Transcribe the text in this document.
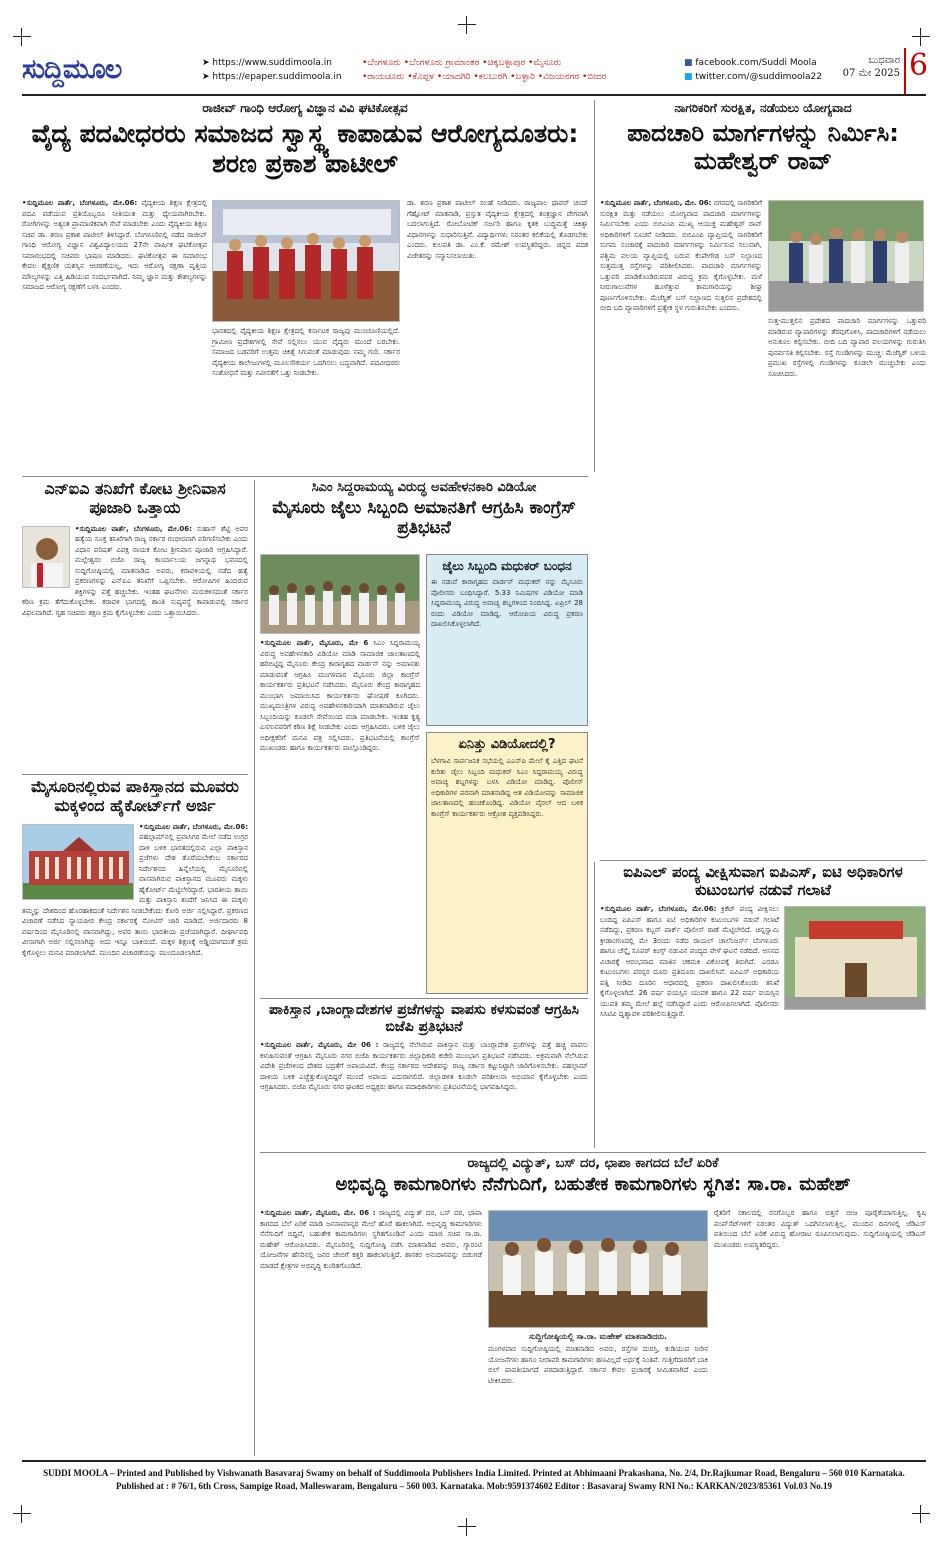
ಸುದ್ದಿಮೂಲ	➤ https://www.suddimoola.in
➤ https://epaper.suddimoola.in
•ಬೆಂಗಳೂರು •ಬೆಂಗಳೂರು ಗ್ರಾಮಾಂತರ •ಚಿಕ್ಕಬಳ್ಳಾಪುರ •ಮೈಸೂರು
•ರಾಯಚೂರು •ಕೊಪ್ಪಳ •ಯಾದಗಿರಿ •ಕಲಬುರಗಿ •ಬಳ್ಳಾರಿ •ವಿಜಯನಗರ •ಬೀದರ
■ facebook.com/Suddi Moola
■ twitter.com/@suddimoola22
ಬುಧವಾರ
07 ಮೇ 2025 6
ರಾಜೀವ್ ಗಾಂಧಿ ಆರೋಗ್ಯ ವಿಜ್ಞಾನ ವಿವಿ ಘಟಿಕೋತ್ಸವ
ವೈದ್ಯ ಪದವೀಧರರು ಸಮಾಜದ ಸ್ವಾಸ್ಥ್ಯ ಕಾಪಾಡುವ ಆರೋಗ್ಯದೂತರು: ಶರಣ ಪ್ರಕಾಶ ಪಾಟೀಲ್
•ಸುದ್ದಿಮೂಲ ವಾರ್ತೆ, ಬೆಂಗಳೂರು, ಮೇ.06: ವೈದ್ಯಕೀಯ ಶಿಕ್ಷಣ ಕ್ಷೇತ್ರದಲ್ಲಿ ಪದವಿ ಪಡೆಯುವ ಪ್ರತಿಯೊಬ್ಬರೂ ನೀತಿಯುತ ಮತ್ತು ಧ್ಯೇಯವಾಗಿರಬೇಕು. ರೋಗಿಗಳನ್ನು ಅತ್ಯಂತ ಪ್ರಾಮಾಣಿಕವಾಗಿ ಸೇವೆ ಮಾಡಬೇಕು ಎಂದು ವೈದ್ಯಕೀಯ ಶಿಕ್ಷಣ ಸಚಿವ ಡಾ. ಶರಣ ಪ್ರಕಾಶ ಪಾಟೀಲ್ ತಿಳಿಸಿದ್ದಾರೆ. ಬೆಂಗಳೂರಿನಲ್ಲಿ ನಡೆದ ರಾಜೀವ್ ಗಾಂಧಿ ಆರೋಗ್ಯ ವಿಜ್ಞಾನ ವಿಶ್ವವಿದ್ಯಾಲಯದ 27ನೇ ವಾರ್ಷಿಕ ಘಟಿಕೋತ್ಸವ ಸಮಾರಂಭದಲ್ಲಿ ಸಚಿವರು ಭಾಷಣ ಮಾಡಿದರು. ಘಟಿಕೋತ್ಸವ ಈ ಸಮಾರಂಭ ಕೇವಲ ಶೈಕ್ಷಣಿಕ ಯಶಸ್ಸಿನ ಆಚರಣೆಯಲ್ಲ, ಇದು ಆರೋಗ್ಯ ರಕ್ಷಣಾ ವೃತ್ತಿಯ ಮೌಲ್ಯಗಳನ್ನು ಎತ್ತಿ ಹಿಡಿಯುವ ಸಂದರ್ಭವಾಗಿದೆ. ನಿಮ್ಮ ಜ್ಞಾನ ಮತ್ತು ಕೌಶಲ್ಯಗಳನ್ನು ಸಮಾಜದ ಆರೋಗ್ಯ ರಕ್ಷಣೆಗೆ ಬಳಸಿ ಎಂದರು.
ಭಾರತದಲ್ಲಿ ವೈದ್ಯಕೀಯ ಶಿಕ್ಷಣ ಕ್ಷೇತ್ರದಲ್ಲಿ ಕರ್ನಾಟಕ ರಾಜ್ಯವು ಮುಂಚೂಣಿಯಲ್ಲಿದೆ. ಗ್ರಾಮೀಣ ಪ್ರದೇಶಗಳಲ್ಲಿ ಸೇವೆ ಸಲ್ಲಿಸಲು ಯುವ ವೈದ್ಯರು ಮುಂದೆ ಬರಬೇಕು. ಸಮಾಜದ ಬಡವರಿಗೆ ಉತ್ತಮ ಚಿಕಿತ್ಸೆ ಸಿಗುವಂತೆ ಮಾಡುವುದು ನಮ್ಮ ಗುರಿ. ಸರ್ಕಾರ ವೈದ್ಯಕೀಯ ಕಾಲೇಜುಗಳಲ್ಲಿ ಮೂಲಸೌಕರ್ಯ ಒದಗಿಸಲು ಬದ್ಧವಾಗಿದೆ. ಪದವೀಧರರು ಸಂಶೋಧನೆ ಮತ್ತು ನವೀನತೆಗೆ ಒತ್ತು ನೀಡಬೇಕು.
ಡಾ. ಶರಣ ಪ್ರಕಾಶ ಪಾಟೀಲ್ ಸಲಹೆ ನೀಡಿದರು. ರಾಜ್ಯಪಾಲ ಥಾವರ್ ಚಂದ್ ಗೆಹ್ಲೋಟ್ ಮಾತನಾಡಿ, ಪ್ರಸ್ತುತ ವೈದ್ಯಕೀಯ ಕ್ಷೇತ್ರದಲ್ಲಿ ತಂತ್ರಜ್ಞಾನ ವೇಗವಾಗಿ ಬದಲಾಗುತ್ತಿದೆ. ರೋಬೋಟಿಕ್ ಸರ್ಜರಿ ಹಾಗೂ ಕೃತಕ ಬುದ್ಧಿಮತ್ತೆ ಚಿಕಿತ್ಸಾ ವಿಧಾನಗಳನ್ನು ಸುಧಾರಿಸುತ್ತಿವೆ. ವಿದ್ಯಾರ್ಥಿಗಳು ನಿರಂತರ ಕಲಿಕೆಯಲ್ಲಿ ತೊಡಗಬೇಕು ಎಂದರು. ಕುಲಪತಿ ಡಾ. ಎಂ.ಕೆ. ರಮೇಶ್ ಉಪಸ್ಥಿತರಿದ್ದರು. ಚಿನ್ನದ ಪದಕ ವಿಜೇತರನ್ನು ಸನ್ಮಾನಿಸಲಾಯಿತು.
ನಾಗರಿಕರಿಗೆ ಸುರಕ್ಷಿತ, ನಡೆಯಲು ಯೋಗ್ಯವಾದ
ಪಾದಚಾರಿ ಮಾರ್ಗಗಳನ್ನು ನಿರ್ಮಿಸಿ: ಮಹೇಶ್ವರ್ ರಾವ್
•ಸುದ್ದಿಮೂಲ ವಾರ್ತೆ, ಬೆಂಗಳೂರು, ಮೇ. 06: ನಗರದಲ್ಲಿ ನಾಗರಿಕರಿಗೆ ಸುರಕ್ಷಿತ ಮತ್ತು ನಡೆಯಲು ಯೋಗ್ಯವಾದ ಪಾದಚಾರಿ ಮಾರ್ಗಗಳನ್ನು ನಿರ್ಮಿಸಬೇಕು ಎಂದು ಬಿಬಿಎಂಪಿ ಮುಖ್ಯ ಆಯುಕ್ತ ಮಹೇಶ್ವರ್ ರಾವ್ ಅಧಿಕಾರಿಗಳಿಗೆ ಸೂಚನೆ ನೀಡಿದರು. ಬಿಬಿಎಂಪಿ ವ್ಯಾಪ್ತಿಯಲ್ಲಿ ನಾಗರಿಕರಿಗೆ ಸುಗಮ ಸಂಚಾರಕ್ಕೆ ಪಾದಚಾರಿ ಮಾರ್ಗಗಳನ್ನು ನಿರ್ಮಿಸುವ ಸಲುವಾಗಿ, ಪಶ್ಚಿಮ ವಲಯ ವ್ಯಾಪ್ತಿಯಲ್ಲಿ ಬರುವ ಕೆಂಪೇಗೌಡ ಬಸ್ ನಿಲ್ದಾಣದ ಸುತ್ತಮುತ್ತ ರಸ್ತೆಗಳನ್ನು ಪರಿಶೀಲಿಸಿದರು. ಪಾದಚಾರಿ ಮಾರ್ಗಗಳನ್ನು ಒತ್ತುವರಿ ಮಾಡಿಕೊಂಡಿರುವವರ ವಿರುದ್ಧ ಕ್ರಮ ಕೈಗೊಳ್ಳಬೇಕು. ಮಳೆ ನೀರುಗಾಲುವೆಗಳ ಹೂಳೆತ್ತುವ ಕಾಮಗಾರಿಯನ್ನು ಶೀಘ್ರ ಪೂರ್ಣಗೊಳಿಸಬೇಕು. ಮೆಜೆಸ್ಟಿಕ್ ಬಸ್ ನಿಲ್ದಾಣದ ಸುತ್ತಲಿನ ಪ್ರದೇಶದಲ್ಲಿ ಬೀದಿ ಬದಿ ವ್ಯಾಪಾರಿಗಳಿಗೆ ಪ್ರತ್ಯೇಕ ಸ್ಥಳ ಗುರುತಿಸಬೇಕು ಎಂದರು.
ಸುತ್ತ-ಮುತ್ತಲಿನ ಪ್ರದೇಶದ ಪಾದಚಾರಿ ಮಾರ್ಗಗಳನ್ನು ಒತ್ತುವರಿ ಮಾಡಿರುವ ವ್ಯಾಪಾರಿಗಳನ್ನು ತೆರವುಗೊಳಿಸಿ, ಪಾದಚಾರಿಗಳಿಗೆ ನಡೆಯಲು ಅನುಕೂಲ ಕಲ್ಪಿಸಬೇಕು. ಬೀದಿ ಬದಿ ವ್ಯಾಪಾರ ವಲಯಗಳನ್ನು ಗುರುತಿಸಿ ಪುನರ್ವಸತಿ ಕಲ್ಪಿಸಬೇಕು. ರಸ್ತೆ ಗುಂಡಿಗಳನ್ನು ಮುಚ್ಚಿ: ಮೆಜೆಸ್ಟಿಕ್ ಬಳಿಯ ಪ್ರಮುಖ ರಸ್ತೆಗಳಲ್ಲಿ ಗುಂಡಿಗಳನ್ನು ಕೂಡಲೇ ಮುಚ್ಚಬೇಕು ಎಂದು ಸೂಚಿಸಿದರು.
ಎನ್‌ಐಎ ತನಿಖೆಗೆ ಕೋಟ ಶ್ರೀನಿವಾಸ ಪೂಜಾರಿ ಒತ್ತಾಯ
•ಸುದ್ದಿಮೂಲ ವಾರ್ತೆ, ಬೆಂಗಳೂರು, ಮೇ.06: ಸುಹಾಸ್ ಶೆಟ್ಟಿ ಅವರ ಹತ್ಯೆಯ ಸೂಕ್ತ ತನಿಖೆಗಾಗಿ ರಾಜ್ಯ ಸರ್ಕಾರ ಗಂಭೀರವಾಗಿ ಪರಿಗಣಿಸಬೇಕು ಎಂದು ವಿಧಾನ ಪರಿಷತ್ ವಿಪಕ್ಷ ನಾಯಕ ಕೋಟ ಶ್ರೀನಿವಾಸ ಪೂಜಾರಿ ಆಗ್ರಹಿಸಿದ್ದಾರೆ. ಮಲ್ಲೇಶ್ವರಂ ಬಿಜೆಪಿ ರಾಜ್ಯ ಕಾರ್ಯಾಲಯ ಜಗನ್ನಾಥ ಭವನದಲ್ಲಿ ಸುದ್ದಿಗೋಷ್ಠಿಯಲ್ಲಿ ಮಾತನಾಡಿದ ಅವರು, ಕರಾವಳಿಯಲ್ಲಿ ನಡೆದ ಹತ್ಯೆ ಪ್ರಕರಣಗಳನ್ನು ಎನ್‌ಐಎ ತನಿಖೆಗೆ ಒಪ್ಪಿಸಬೇಕು. ಆರೋಪಿಗಳ ಹಿಂದಿರುವ ಶಕ್ತಿಗಳನ್ನು ಪತ್ತೆ ಹಚ್ಚಬೇಕು. ಇಂತಹ ಘಟನೆಗಳು ಮರುಕಳಿಸದಂತೆ ಸರ್ಕಾರ ಕಠಿಣ ಕ್ರಮ ತೆಗೆದುಕೊಳ್ಳಬೇಕು. ಕರಾವಳಿ ಭಾಗದಲ್ಲಿ ಶಾಂತಿ ಸುವ್ಯವಸ್ಥೆ ಕಾಪಾಡುವಲ್ಲಿ ಸರ್ಕಾರ ವಿಫಲವಾಗಿದೆ. ಗೃಹ ಸಚಿವರು ತಕ್ಷಣ ಕ್ರಮ ಕೈಗೊಳ್ಳಬೇಕು ಎಂದು ಒತ್ತಾಯಿಸಿದರು.
ಮೈಸೂರಿನಲ್ಲಿರುವ ಪಾಕಿಸ್ತಾನದ ಮೂವರು ಮಕ್ಕಳಿಂದ ಹೈಕೋರ್ಟ್‌ಗೆ ಅರ್ಜಿ
•ಸುದ್ದಿಮೂಲ ವಾರ್ತೆ, ಬೆಂಗಳೂರು, ಮೇ.06:
ಪಹಲ್ಗಾಮ್‌ನಲ್ಲಿ ಪ್ರವಾಸಿಗರ ಮೇಲೆ ನಡೆದ ಉಗ್ರರ ದಾಳಿ ಬಳಿಕ ಭಾರತದಲ್ಲಿರುವ ಎಲ್ಲಾ ಪಾಕಿಸ್ತಾನ ಪ್ರಜೆಗಳು ದೇಶ ತೊರೆಯಬೇಕೆಂಬ ಸರ್ಕಾರದ ನಿರ್ದೇಶನದ ಹಿನ್ನೆಲೆಯಲ್ಲಿ ಮೈಸೂರಿನಲ್ಲಿ ವಾಸವಾಗಿರುವ ಪಾಕಿಸ್ತಾನದ ಮೂವರು ಮಕ್ಕಳು ಹೈಕೋರ್ಟ್ ಮೆಟ್ಟಿಲೇರಿದ್ದಾರೆ. ಭಾರತೀಯ ತಾಯಿ ಮತ್ತು ಪಾಕಿಸ್ತಾನಿ ತಂದೆಗೆ ಜನಿಸಿದ ಈ ಮಕ್ಕಳು ತಮ್ಮನ್ನು ದೇಶದಿಂದ ಹೊರಹಾಕದಂತೆ ನಿರ್ದೇಶನ ನೀಡಬೇಕೆಂದು ಕೋರಿ ಅರ್ಜಿ ಸಲ್ಲಿಸಿದ್ದಾರೆ. ಪ್ರಕರಣದ ವಿಚಾರಣೆ ನಡೆಸಿದ ನ್ಯಾಯಪೀಠ ಕೇಂದ್ರ ಸರ್ಕಾರಕ್ಕೆ ನೋಟಿಸ್ ಜಾರಿ ಮಾಡಿದೆ. ಅರ್ಜಿದಾರರು 8 ವರ್ಷದಿಂದ ಮೈಸೂರಿನಲ್ಲಿ ವಾಸವಾಗಿದ್ದು, ಅವರ ತಾಯಿ ಭಾರತೀಯ ಪ್ರಜೆಯಾಗಿದ್ದಾರೆ. ದೀರ್ಘಾವಧಿ ವೀಸಾಗಾಗಿ ಅರ್ಜಿ ಸಲ್ಲಿಸಲಾಗಿದ್ದು ಅದು ಇನ್ನೂ ಬಾಕಿಯಿದೆ. ಮಕ್ಕಳ ಶಿಕ್ಷಣಕ್ಕೆ ಅಡ್ಡಿಯಾಗದಂತೆ ಕ್ರಮ ಕೈಗೊಳ್ಳಲು ಮನವಿ ಮಾಡಲಾಗಿದೆ. ಮುಂದಿನ ವಿಚಾರಣೆಯನ್ನು ಮುಂದೂಡಲಾಗಿದೆ.
ಸಿಎಂ ಸಿದ್ದರಾಮಯ್ಯ ವಿರುದ್ಧ ಅವಹೇಳನಕಾರಿ ವಿಡಿಯೋ
ಮೈಸೂರು ಜೈಲು ಸಿಬ್ಬಂದಿ ಅಮಾನತಿಗೆ ಆಗ್ರಹಿಸಿ ಕಾಂಗ್ರೆಸ್ ಪ್ರತಿಭಟನೆ
•ಸುದ್ದಿಮೂಲ ವಾರ್ತೆ, ಮೈಸೂರು, ಮೇ 6 ಸಿಎಂ ಸಿದ್ದರಾಮಯ್ಯ ವಿರುದ್ಧ ಅವಹೇಳನಕಾರಿ ವಿಡಿಯೋ ಮಾಡಿ ಸಾಮಾಜಿಕ ಜಾಲತಾಣದಲ್ಲಿ ಹರಿಬಿಟ್ಟಿದ್ದ ಮೈಸೂರು ಕೇಂದ್ರ ಕಾರಾಗೃಹದ ವಾರ್ಡನ್ ನನ್ನು ಅಮಾನತು ಮಾಡುವಂತೆ ಆಗ್ರಹಿಸಿ ಮಂಗಳವಾರ ಮೈಸೂರು ಜಿಲ್ಲಾ ಕಾಂಗ್ರೆಸ್ ಕಾರ್ಯಕರ್ತರು ಪ್ರತಿಭಟನೆ ನಡೆಸಿದರು. ಮೈಸೂರು ಕೇಂದ್ರ ಕಾರಾಗೃಹದ ಮುಂಭಾಗ ಜಮಾಯಿಸಿದ ಕಾರ್ಯಕರ್ತರು ಘೋಷಣೆ ಕೂಗಿದರು. ಮುಖ್ಯಮಂತ್ರಿಗಳ ವಿರುದ್ಧ ಅವಹೇಳನಕಾರಿಯಾಗಿ ಮಾತನಾಡಿರುವ ಜೈಲು ಸಿಬ್ಬಂದಿಯನ್ನು ಕೂಡಲೇ ಸೇವೆಯಿಂದ ವಜಾ ಮಾಡಬೇಕು. ಇಂತಹ ಕೃತ್ಯ ಎಸಗುವವರಿಗೆ ಕಠಿಣ ಶಿಕ್ಷೆ ನೀಡಬೇಕು ಎಂದು ಆಗ್ರಹಿಸಿದರು. ಬಳಿಕ ಜೈಲು ಅಧೀಕ್ಷಕರಿಗೆ ಮನವಿ ಪತ್ರ ಸಲ್ಲಿಸಿದರು. ಪ್ರತಿಭಟನೆಯಲ್ಲಿ ಕಾಂಗ್ರೆಸ್ ಮುಖಂಡರು ಹಾಗೂ ಕಾರ್ಯಕರ್ತರು ಪಾಲ್ಗೊಂಡಿದ್ದರು.
ಜೈಲು ಸಿಬ್ಬಂದಿ ಮಧುಕರ್ ಬಂಧನ
ಈ ನಡುವೆ ಕಾರಾಗೃಹದ ವಾರ್ಡನ್ ಮಧುಕರ್ ನನ್ನು ಮೈಸೂರು ಪೊಲೀಸರು ಬಂಧಿಸಿದ್ದಾರೆ. 5.33 ನಿಮಿಷಗಳ ವಿಡಿಯೋ ಮಾಡಿ ಸಿದ್ದರಾಮಯ್ಯ ವಿರುದ್ಧ ಅವಾಚ್ಯ ಶಬ್ದಗಳಿಂದ ನಿಂದಿಸಿದ್ದ. ಏಪ್ರಿಲ್ 28 ರಂದು ವಿಡಿಯೋ ಮಾಡಿದ್ದ. ಆರೋಪಿಯ ವಿರುದ್ಧ ಪ್ರಕರಣ ದಾಖಲಿಸಿಕೊಳ್ಳಲಾಗಿದೆ.
ಏನಿತ್ತು ವಿಡಿಯೋದಲ್ಲಿ?
ಬೆಳಗಾವಿ ಸಾರ್ವಜನಿಕ ಸಭೆಯಲ್ಲಿ ಎಎಸ್‌ಪಿ ಮೇಲೆ ಕೈ ಎತ್ತಿದ ಘಟನೆ ಕುರಿತು ಜೈಲು ಸಿಬ್ಬಂದಿ ಮಧುಕರ್ ಸಿಎಂ ಸಿದ್ದರಾಮಯ್ಯ ವಿರುದ್ಧ ಅವಾಚ್ಯ ಶಬ್ದಗಳನ್ನು ಬಳಸಿ ವಿಡಿಯೋ ಮಾಡಿದ್ದ. ಪೊಲೀಸ್ ಅಧಿಕಾರಿಗಳ ಪರವಾಗಿ ಮಾತನಾಡಿದ್ದ ಆತ ವಿಡಿಯೋವನ್ನು ಸಾಮಾಜಿಕ ಜಾಲತಾಣದಲ್ಲಿ ಹಂಚಿಕೊಂಡಿದ್ದ. ವಿಡಿಯೋ ವೈರಲ್ ಆದ ಬಳಿಕ ಕಾಂಗ್ರೆಸ್ ಕಾರ್ಯಕರ್ತರು ಆಕ್ರೋಶ ವ್ಯಕ್ತಪಡಿಸಿದ್ದರು.
ಪಾಕಿಸ್ತಾನ ,ಬಾಂಗ್ಲಾದೇಶಗಳ ಪ್ರಜೆಗಳನ್ನು ವಾಪಸು ಕಳಸುವಂತೆ ಆಗ್ರಹಿಸಿ ಬಿಜೆಪಿ ಪ್ರತಿಭಟನೆ
•ಸುದ್ದಿಮೂಲ ವಾರ್ತೆ, ಮೈಸೂರು, ಮೇ 06 : ರಾಜ್ಯದಲ್ಲಿ ನೆಲೆಸಿರುವ ಪಾಕಿಸ್ತಾನ ಮತ್ತು ಬಾಂಗ್ಲಾದೇಶ ಪ್ರಜೆಗಳನ್ನು ಪತ್ತೆ ಹಚ್ಚಿ ವಾಪಸು ಕಳುಹಿಸುವಂತೆ ಆಗ್ರಹಿಸಿ ಮೈಸೂರು ನಗರ ಬಿಜೆಪಿ ಕಾರ್ಯಕರ್ತರು ಜಿಲ್ಲಾಧಿಕಾರಿ ಕಚೇರಿ ಮುಂಭಾಗ ಪ್ರತಿಭಟನೆ ನಡೆಸಿದರು. ಅಕ್ರಮವಾಗಿ ನೆಲೆಸಿರುವ ವಿದೇಶಿ ಪ್ರಜೆಗಳಿಂದ ದೇಶದ ಭದ್ರತೆಗೆ ಅಪಾಯವಿದೆ. ಕೇಂದ್ರ ಸರ್ಕಾರದ ಆದೇಶವನ್ನು ರಾಜ್ಯ ಸರ್ಕಾರ ಕಟ್ಟುನಿಟ್ಟಾಗಿ ಜಾರಿಗೊಳಿಸಬೇಕು. ಪಹಲ್ಗಾಮ್ ದಾಳಿಯ ಬಳಿಕ ಎಚ್ಚೆತ್ತುಕೊಳ್ಳದಿದ್ದರೆ ಮುಂದೆ ಅಪಾಯ ಎದುರಾಗಲಿದೆ. ಜಿಲ್ಲಾಡಳಿತ ಕೂಡಲೇ ಪರಿಶೀಲನಾ ಅಭಿಯಾನ ಕೈಗೊಳ್ಳಬೇಕು ಎಂದು ಆಗ್ರಹಿಸಿದರು. ಬಿಜೆಪಿ ಮೈಸೂರು ನಗರ ಘಟಕದ ಅಧ್ಯಕ್ಷರು ಹಾಗೂ ಪದಾಧಿಕಾರಿಗಳು ಪ್ರತಿಭಟನೆಯಲ್ಲಿ ಭಾಗವಹಿಸಿದ್ದರು.
ಐಪಿಎಲ್ ಪಂದ್ಯ ವೀಕ್ಷಿಸುವಾಗ ಐಪಿಎಸ್, ಐಟಿ ಅಧಿಕಾರಿಗಳ ಕುಟುಂಬಗಳ ನಡುವೆ ಗಲಾಟೆ
•ಸುದ್ದಿಮೂಲ ವಾರ್ತೆ, ಬೆಂಗಳೂರು, ಮೇ.06: ಕ್ರಿಕೆಟ್ ಪಂದ್ಯ ವೀಕ್ಷಿಸಲು ಬಂದಿದ್ದ ಐಪಿಎಸ್ ಹಾಗೂ ಐಟಿ ಅಧಿಕಾರಿಗಳ ಕುಟುಂಬಗಳ ನಡುವೆ ಗಲಾಟೆ ನಡೆದಿದ್ದು, ಪ್ರಕರಣ ಕಬ್ಬನ್ ಪಾರ್ಕ್ ಪೊಲೀಸ್ ಠಾಣೆ ಮೆಟ್ಟಿಲೇರಿದೆ. ಚಿನ್ನಸ್ವಾಮಿ ಕ್ರೀಡಾಂಗಣದಲ್ಲಿ ಮೇ 3ರಂದು ನಡೆದ ರಾಯಲ್ ಚಾಲೆಂಜರ್ಸ್ ಬೆಂಗಳೂರು ಹಾಗೂ ಚೆನ್ನೈ ಸೂಪರ್ ಕಿಂಗ್ಸ್ ನಡುವಿನ ಪಂದ್ಯದ ವೇಳೆ ಘಟನೆ ನಡೆದಿದೆ. ಆಸನದ ವಿಚಾರಕ್ಕೆ ಆರಂಭವಾದ ಮಾತಿನ ಚಕಮಕಿ ವಿಕೋಪಕ್ಕೆ ತಿರುಗಿದೆ. ಎರಡೂ ಕುಟುಂಬಗಳು ಪರಸ್ಪರ ದೂರು ಪ್ರತಿದೂರು ದಾಖಲಿಸಿವೆ. ಐಪಿಎಸ್ ಅಧಿಕಾರಿಯ ಪತ್ನಿ ನೀಡಿದ ದೂರಿನ ಆಧಾರದಲ್ಲಿ ಪ್ರಕರಣ ದಾಖಲಿಸಿಕೊಂಡು ತನಿಖೆ ಕೈಗೊಳ್ಳಲಾಗಿದೆ. 26 ವರ್ಷ ವಯಸ್ಸಿನ ಯುವಕ ಹಾಗೂ 22 ವರ್ಷ ವಯಸ್ಸಿನ ಯುವತಿ ತಮ್ಮ ಮೇಲೆ ಹಲ್ಲೆ ನಡೆಸಿದ್ದಾರೆ ಎಂದು ಆರೋಪಿಸಲಾಗಿದೆ. ಪೊಲೀಸರು ಸಿಸಿಟಿವಿ ದೃಶ್ಯಾವಳಿ ಪರಿಶೀಲಿಸುತ್ತಿದ್ದಾರೆ.
ರಾಜ್ಯದಲ್ಲಿ ವಿದ್ಯುತ್, ಬಸ್ ದರ, ಛಾಪಾ ಕಾಗದದ ಬೆಲೆ ಏರಿಕೆ
ಅಭಿವೃದ್ಧಿ ಕಾಮಗಾರಿಗಳು ನೆನೆಗುದಿಗೆ, ಬಹುತೇಕ ಕಾಮಗಾರಿಗಳು ಸ್ಥಗಿತ: ಸಾ.ರಾ. ಮಹೇಶ್
•ಸುದ್ದಿಮೂಲ ವಾರ್ತೆ, ಮೈಸೂರು, ಮೇ. 06 : ರಾಜ್ಯದಲ್ಲಿ ವಿದ್ಯುತ್ ದರ, ಬಸ್ ದರ, ಛಾಪಾ ಕಾಗದದ ಬೆಲೆ ಏರಿಕೆ ಮಾಡಿ ಜನಸಾಮಾನ್ಯರ ಮೇಲೆ ಹೊರೆ ಹಾಕಲಾಗಿದೆ. ಅಭಿವೃದ್ಧಿ ಕಾಮಗಾರಿಗಳು ನೆನೆಗುದಿಗೆ ಬಿದ್ದಿವೆ, ಬಹುತೇಕ ಕಾಮಗಾರಿಗಳು ಸ್ಥಗಿತಗೊಂಡಿವೆ ಎಂದು ಮಾಜಿ ಸಚಿವ ಸಾ.ರಾ. ಮಹೇಶ್ ಆರೋಪಿಸಿದರು. ಮೈಸೂರಿನಲ್ಲಿ ಸುದ್ದಿಗೋಷ್ಠಿ ನಡೆಸಿ ಮಾತನಾಡಿದ ಅವರು, ಗ್ಯಾರಂಟಿ ಯೋಜನೆಗಳ ಹೆಸರಿನಲ್ಲಿ ಜನರ ಜೇಬಿಗೆ ಕತ್ತರಿ ಹಾಕಲಾಗುತ್ತಿದೆ. ಶಾಸಕರ ಅನುದಾನವನ್ನು ಬಿಡುಗಡೆ ಮಾಡದೆ ಕ್ಷೇತ್ರಗಳ ಅಭಿವೃದ್ಧಿ ಕುಂಠಿತಗೊಂಡಿದೆ.
ಸುದ್ದಿಗೋಷ್ಠಿಯಲ್ಲಿ ಸಾ.ರಾ. ಮಹೇಶ್ ಮಾತನಾಡಿದರು.
ಮಂಗಳವಾರ ಸುದ್ದಿಗೋಷ್ಠಿಯಲ್ಲಿ ಮಾತನಾಡಿದ ಅವರು, ರಸ್ತೆಗಳ ದುರಸ್ತಿ, ಕುಡಿಯುವ ನೀರಿನ ಯೋಜನೆಗಳು ಹಾಗೂ ನೀರಾವರಿ ಕಾಮಗಾರಿಗಳು ಹಣವಿಲ್ಲದೆ ಅರ್ಧಕ್ಕೆ ನಿಂತಿವೆ. ಗುತ್ತಿಗೆದಾರರಿಗೆ ಬಾಕಿ ಬಿಲ್ ಪಾವತಿಯಾಗದೆ ಪರದಾಡುತ್ತಿದ್ದಾರೆ. ಸರ್ಕಾರ ಕೇವಲ ಪ್ರಚಾರಕ್ಕೆ ಸೀಮಿತವಾಗಿದೆ ಎಂದು ಟೀಕಿಸಿದರು.
ರೈತರಿಗೆ ಸಕಾಲದಲ್ಲಿ ರಸಗೊಬ್ಬರ ಹಾಗೂ ಬಿತ್ತನೆ ಬೀಜ ಪೂರೈಕೆಯಾಗುತ್ತಿಲ್ಲ. ಕೃಷಿ ಪಂಪ್‌ಸೆಟ್‌ಗಳಿಗೆ ನಿರಂತರ ವಿದ್ಯುತ್ ಒದಗಿಸಲಾಗುತ್ತಿಲ್ಲ. ಮುಂದಿನ ದಿನಗಳಲ್ಲಿ ಜೆಡಿಎಸ್ ವತಿಯಿಂದ ಬೆಲೆ ಏರಿಕೆ ವಿರುದ್ಧ ಹೋರಾಟ ರೂಪಿಸಲಾಗುವುದು. ಸುದ್ದಿಗೋಷ್ಠಿಯಲ್ಲಿ ಜೆಡಿಎಸ್ ಮುಖಂಡರು ಉಪಸ್ಥಿತರಿದ್ದರು.
SUDDI MOOLA – Printed and Published by Vishwanath Basavaraj Swamy on behalf of Suddimoola Publishers India Limited. Printed at Abhimaani Prakashana, No. 2/4, Dr.Rajkumar Road, Bengaluru – 560 010 Karnataka.
Published at : # 76/1, 6th Cross, Sampige Road, Malleswaram, Bengaluru – 560 003. Karnataka. Mob:9591374602 Editor : Basavaraj Swamy RNI No.: KARKAN/2023/85361 Vol.03 No.19
